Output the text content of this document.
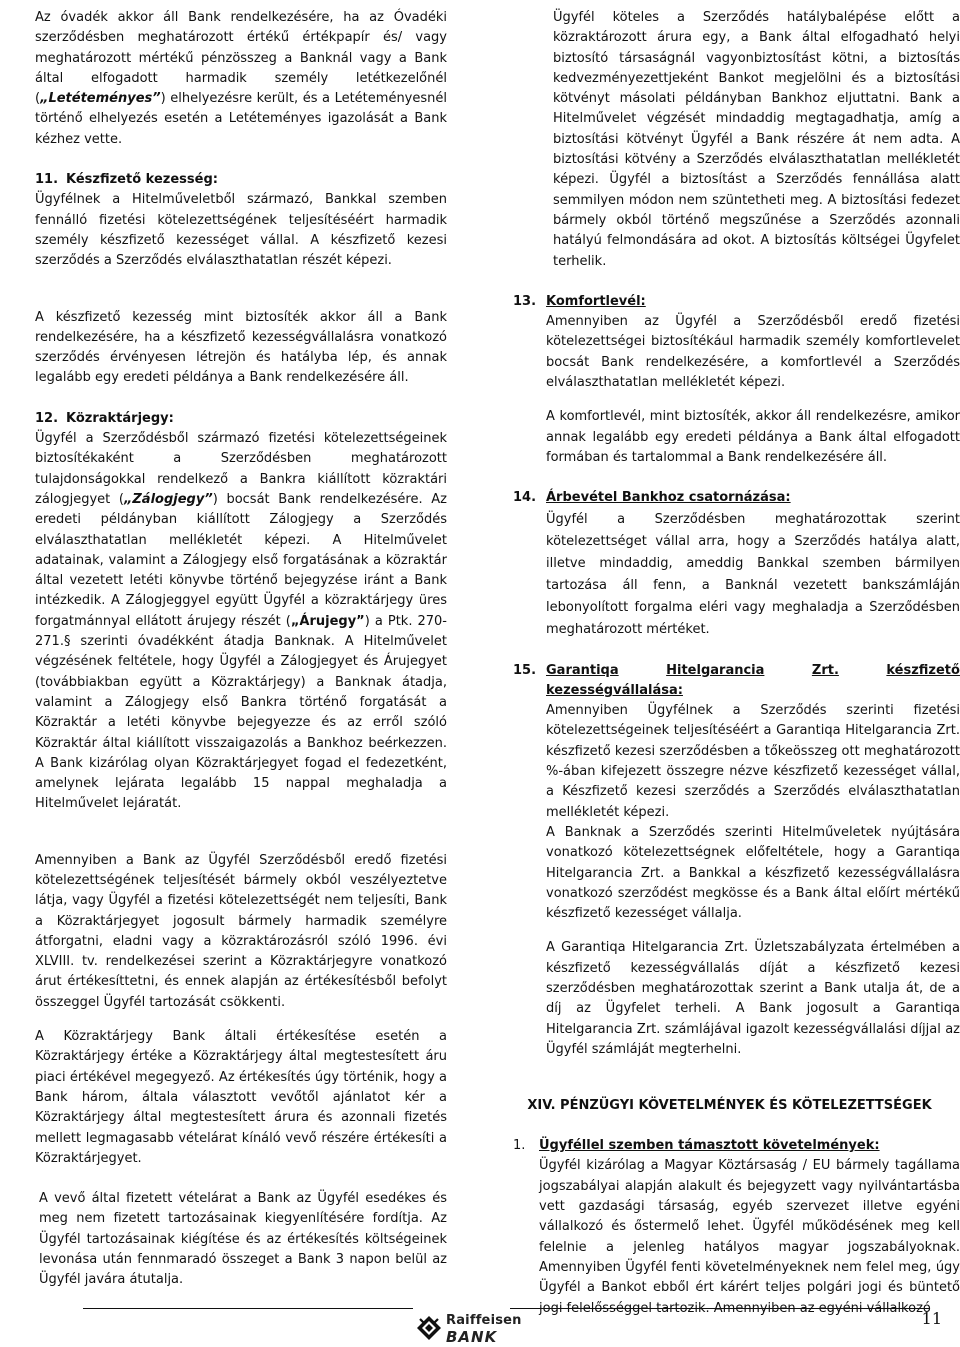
Az óvadék akkor áll Bank rendelkezésére, ha az Óvadéki szerződésben meghatározott értékű értékpapír és/ vagy meghatározott mértékű pénzösszeg a Banknál vagy a Bank által elfogadott harmadik személy letétkezelőnél („Letéteményes”) elhelyezésre került, és a Letéteményesnél történő elhelyezés esetén a Letéteményes igazolását a Bank kézhez vette.

11. Készfizető kezesség:

Ügyfélnek a Hitelműveletből származó, Bankkal szemben fennálló fizetési kötelezettségének teljesítéséért harmadik személy készfizető kezességet vállal. A készfizető kezesi szerződés a Szerződés elválaszthatatlan részét képezi.

A készfizető kezesség mint biztosíték akkor áll a Bank rendelkezésére, ha a készfizető kezességvállalásra vonatkozó szerződés érvényesen létrejön és hatályba lép, és annak legalább egy eredeti példánya a Bank rendelkezésére áll.

12. Közraktárjegy:

Ügyfél a Szerződésből származó fizetési kötelezettségeinek biztosítékaként a Szerződésben meghatározott tulajdonságokkal rendelkező a Bankra kiállított közraktári zálogjegyet („Zálogjegy”) bocsát Bank rendelkezésére. Az eredeti példányban kiállított Zálogjegy a Szerződés elválaszthatatlan mellékletét képezi. A Hitelművelet adatainak, valamint a Zálogjegy első forgatásának a közraktár által vezetett letéti könyvbe történő bejegyzése iránt a Bank intézkedik. A Zálogjeggyel együtt Ügyfél a közraktárjegy üres forgatmánnyal ellátott árujegy részét („Árujegy”) a Ptk. 270-271.§ szerinti óvadékként átadja Banknak. A Hitelművelet végzésének feltétele, hogy Ügyfél a Zálogjegyet és Árujegyet (továbbiakban együtt a Közraktárjegy) a Banknak átadja, valamint a Zálogjegy első Bankra történő forgatását a Közraktár a letéti könyvbe bejegyezze és az erről szóló Közraktár által kiállított visszaigazolás a Bankhoz beérkezzen. A Bank kizárólag olyan Közraktárjegyet fogad el fedezetként, amelynek lejárata legalább 15 nappal meghaladja a Hitelművelet lejáratát.

Amennyiben a Bank az Ügyfél Szerződésből eredő fizetési kötelezettségének teljesítését bármely okból veszélyeztetve látja, vagy Ügyfél a fizetési kötelezettségét nem teljesíti, Bank a Közraktárjegyet jogosult bármely harmadik személyre átforgatni, eladni vagy a közraktározásról szóló 1996. évi XLVIII. tv. rendelkezései szerint a Közraktárjegyre vonatkozó árut értékesíttetni, és ennek alapján az értékesítésből befolyt összeggel Ügyfél tartozását csökkenti.

A Közraktárjegy Bank általi értékesítése esetén a Közraktárjegy értéke a Közraktárjegy által megtestesített áru piaci értékével megegyező. Az értékesítés úgy történik, hogy a Bank három, általa választott vevőtől ajánlatot kér a Közraktárjegy által megtestesített árura és azonnali fizetés mellett legmagasabb vételárat kínáló vevő részére értékesíti a Közraktárjegyet.

A vevő által fizetett vételárat a Bank az Ügyfél esedékes és meg nem fizetett tartozásainak kiegyenlítésére fordítja. Az Ügyfél tartozásainak kiégítése és az értékesítés költségeinek levonása után fennmaradó összeget a Bank 3 napon belül az Ügyfél javára átutalja.

Ügyfél köteles a Szerződés hatálybalépése előtt a közraktározott árura egy, a Bank által elfogadható helyi biztosító társaságnál vagyonbiztosítást kötni, a biztosítás kedvezményezettjeként Bankot megjelölni és a biztosítási kötvényt másolati példányban Bankhoz eljuttatni. Bank a Hitelművelet végzését mindaddig megtagadhatja, amíg a biztosítási kötvényt Ügyfél a Bank részére át nem adta. A biztosítási kötvény a Szerződés elválaszthatatlan mellékletét képezi. Ügyfél a biztosítást a Szerződés fennállása alatt semmilyen módon nem szüntetheti meg. A biztosítási fedezet bármely okból történő megszűnése a Szerződés azonnali hatályú felmondására ad okot. A biztosítás költségei Ügyfelet terhelik.

13. Komfortlevél:

Amennyiben az Ügyfél a Szerződésből eredő fizetési kötelezettségei biztosítékául harmadik személy komfortlevelet bocsát Bank rendelkezésére, a komfortlevél a Szerződés elválaszthatatlan mellékletét képezi.

A komfortlevél, mint biztosíték, akkor áll rendelkezésre, amikor annak legalább egy eredeti példánya a Bank által elfogadott formában és tartalommal a Bank rendelkezésére áll.

14. Árbevétel Bankhoz csatornázása:

Ügyfél a Szerződésben meghatározottak szerint kötelezettséget vállal arra, hogy a Szerződés hatálya alatt, illetve mindaddig, ameddig Bankkal szemben bármilyen tartozása áll fenn, a Banknál vezetett bankszámláján lebonyolított forgalma eléri vagy meghaladja a Szerződésben meghatározott mértéket.

15. Garantiqa	Hitelgarancia	Zrt.	készfizető
kezességvállalása:

Amennyiben Ügyfélnek a Szerződés szerinti fizetési kötelezettségeinek teljesítéséért a Garantiqa Hitelgarancia Zrt. készfizető kezesi szerződésben a tőkeösszeg ott meghatározott %-ában kifejezett összegre nézve készfizető kezességet vállal, a Készfizető kezesi szerződés a Szerződés elválaszthatatlan mellékletét képezi.

A Banknak a Szerződés szerinti Hitelműveletek nyújtására vonatkozó kötelezettségnek előfeltétele, hogy a Garantiqa Hitelgarancia Zrt. a Bankkal a készfizető kezességvállalásra vonatkozó szerződést megkösse és a Bank által előírt mértékű készfizető kezességet vállalja.

A Garantiqa Hitelgarancia Zrt. Üzletszabályzata értelmében a készfizető kezességvállalás díját a készfizető kezesi szerződésben meghatározottak szerint a Bank utalja át, de a díj az Ügyfelet terheli. A Bank jogosult a Garantiqa Hitelgarancia Zrt. számlájával igazolt kezességvállalási díjjal az Ügyfél számláját megterhelni.

XIV. PÉNZÜGYI KÖVETELMÉNYEK ÉS KÖTELEZETTSÉGEK
1. Ügyféllel szemben támasztott követelmények:

Ügyfél kizárólag a Magyar Köztársaság / EU bármely tagállama jogszabályai alapján alakult és bejegyzett vagy nyilvántartásba vett gazdasági társaság, egyéb szervezet illetve egyéni vállalkozó és őstermelő lehet. Ügyfél működésének meg kell felelnie a jelenleg hatályos magyar jogszabályoknak. Amennyiben Ügyfél fenti követelményeknek nem felel meg, úgy Ügyfél a Bankot ebből ért kárért teljes polgári jogi és büntető jogi felelősséggel tartozik. Amennyiben az egyéni vállalkozó

Raiffeisen
BANK
11
